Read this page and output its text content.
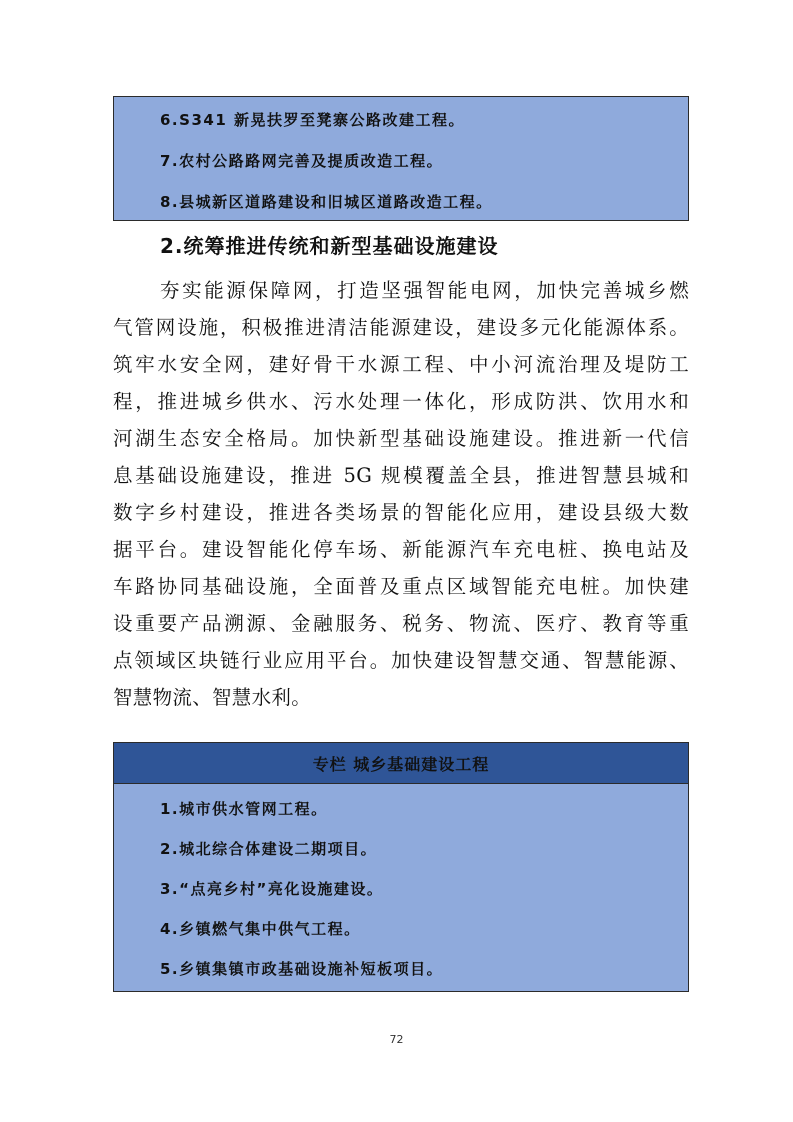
6.S341 新晃扶罗至凳寨公路改建工程。
7.农村公路路网完善及提质改造工程。
8.县城新区道路建设和旧城区道路改造工程。
2.统筹推进传统和新型基础设施建设
夯实能源保障网，打造坚强智能电网，加快完善城乡燃
气管网设施，积极推进清洁能源建设，建设多元化能源体系。
筑牢水安全网，建好骨干水源工程、中小河流治理及堤防工
程，推进城乡供水、污水处理一体化，形成防洪、饮用水和
河湖生态安全格局。加快新型基础设施建设。推进新一代信
息基础设施建设，推进 5G 规模覆盖全县，推进智慧县城和
数字乡村建设，推进各类场景的智能化应用，建设县级大数
据平台。建设智能化停车场、新能源汽车充电桩、换电站及
车路协同基础设施，全面普及重点区域智能充电桩。加快建
设重要产品溯源、金融服务、税务、物流、医疗、教育等重
点领域区块链行业应用平台。加快建设智慧交通、智慧能源、
智慧物流、智慧水利。
专栏 城乡基础建设工程
1.城市供水管网工程。
2.城北综合体建设二期项目。
3.“点亮乡村”亮化设施建设。
4.乡镇燃气集中供气工程。
5.乡镇集镇市政基础设施补短板项目。
72
